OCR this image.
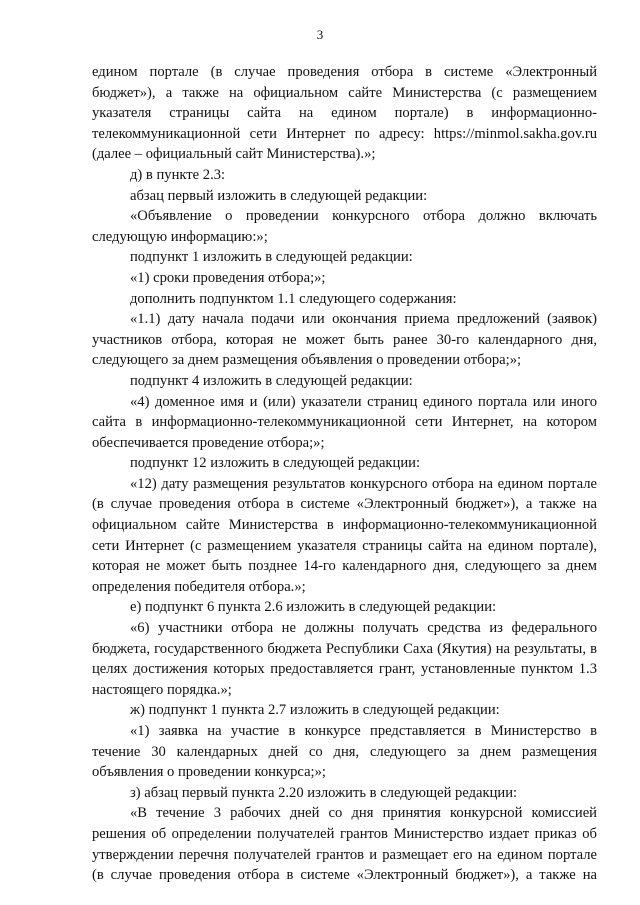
3

едином портале (в случае проведения отбора в системе «Электронный бюджет»), а также на официальном сайте Министерства (с размещением указателя страницы сайта на едином портале) в информационно-телекоммуникационной сети Интернет по адресу: https://minmol.sakha.gov.ru (далее – официальный сайт Министерства).»;

д) в пункте 2.3:

абзац первый изложить в следующей редакции:

«Объявление о проведении конкурсного отбора должно включать следующую информацию:»;

подпункт 1 изложить в следующей редакции:

«1) сроки проведения отбора;»;

дополнить подпунктом 1.1 следующего содержания:

«1.1) дату начала подачи или окончания приема предложений (заявок) участников отбора, которая не может быть ранее 30-го календарного дня, следующего за днем размещения объявления о проведении отбора;»;

подпункт 4 изложить в следующей редакции:

«4) доменное имя и (или) указатели страниц единого портала или иного сайта в информационно-телекоммуникационной сети Интернет, на котором обеспечивается проведение отбора;»;

подпункт 12 изложить в следующей редакции:

«12) дату размещения результатов конкурсного отбора на едином портале (в случае проведения отбора в системе «Электронный бюджет»), а также на официальном сайте Министерства в информационно-телекоммуникационной сети Интернет (с размещением указателя страницы сайта на едином портале), которая не может быть позднее 14-го календарного дня, следующего за днем определения победителя отбора.»;

е) подпункт 6 пункта 2.6 изложить в следующей редакции:

«6) участники отбора не должны получать средства из федерального бюджета, государственного бюджета Республики Саха (Якутия) на результаты, в целях достижения которых предоставляется грант, установленные пунктом 1.3 настоящего порядка.»;

ж) подпункт 1 пункта 2.7 изложить в следующей редакции:

«1) заявка на участие в конкурсе представляется в Министерство в течение 30 календарных дней со дня, следующего за днем размещения объявления о проведении конкурса;»;

з) абзац первый пункта 2.20 изложить в следующей редакции:

«В течение 3 рабочих дней со дня принятия конкурсной комиссией решения об определении получателей грантов Министерство издает приказ об утверждении перечня получателей грантов и размещает его на едином портале (в случае проведения отбора в системе «Электронный бюджет»), а также на
